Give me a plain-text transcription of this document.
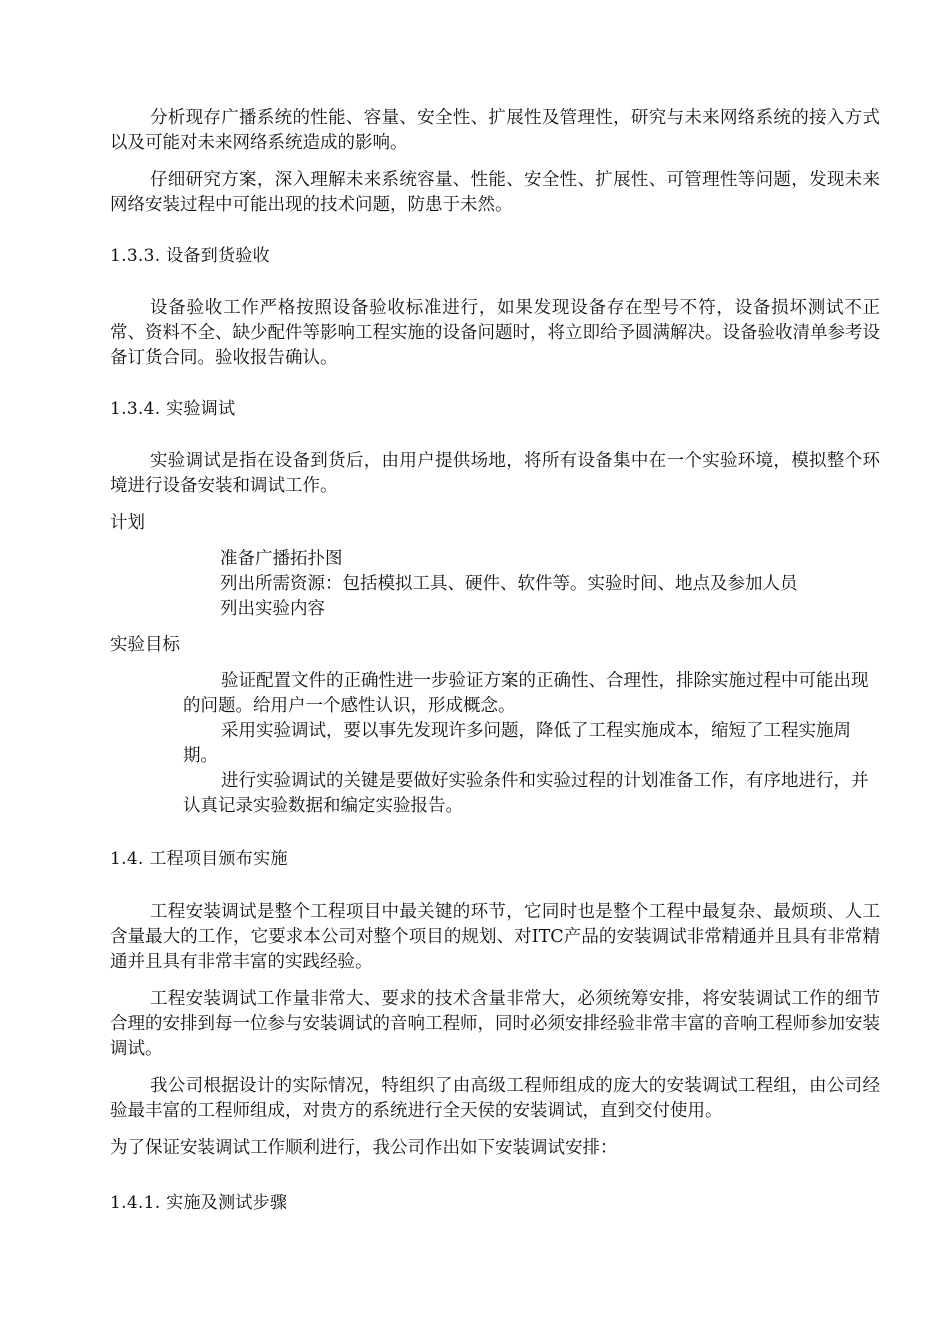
分析现存广播系统的性能、容量、安全性、扩展性及管理性，研究与未来网络系统的接入方式以及可能对未来网络系统造成的影响。

仔细研究方案，深入理解未来系统容量、性能、安全性、扩展性、可管理性等问题，发现未来网络安装过程中可能出现的技术问题，防患于未然。

1.3.3. 设备到货验收

设备验收工作严格按照设备验收标准进行，如果发现设备存在型号不符，设备损坏测试不正常、资料不全、缺少配件等影响工程实施的设备问题时，将立即给予圆满解决。设备验收清单参考设备订货合同。验收报告确认。

1.3.4. 实验调试

实验调试是指在设备到货后，由用户提供场地，将所有设备集中在一个实验环境，模拟整个环境进行设备安装和调试工作。

计划

准备广播拓扑图

列出所需资源：包括模拟工具、硬件、软件等。实验时间、地点及参加人员

列出实验内容

实验目标

验证配置文件的正确性进一步验证方案的正确性、合理性，排除实施过程中可能出现的问题。给用户一个感性认识，形成概念。

采用实验调试，要以事先发现许多问题，降低了工程实施成本，缩短了工程实施周期。

进行实验调试的关键是要做好实验条件和实验过程的计划准备工作，有序地进行，并认真记录实验数据和编定实验报告。

1.4. 工程项目颁布实施

工程安装调试是整个工程项目中最关键的环节，它同时也是整个工程中最复杂、最烦琐、人工含量最大的工作，它要求本公司对整个项目的规划、对ITC产品的安装调试非常精通并且具有非常精通并且具有非常丰富的实践经验。

工程安装调试工作量非常大、要求的技术含量非常大，必须统筹安排，将安装调试工作的细节合理的安排到每一位参与安装调试的音响工程师，同时必须安排经验非常丰富的音响工程师参加安装调试。

我公司根据设计的实际情况，特组织了由高级工程师组成的庞大的安装调试工程组，由公司经验最丰富的工程师组成，对贵方的系统进行全天侯的安装调试，直到交付使用。

为了保证安装调试工作顺利进行，我公司作出如下安装调试安排：

1.4.1. 实施及测试步骤
